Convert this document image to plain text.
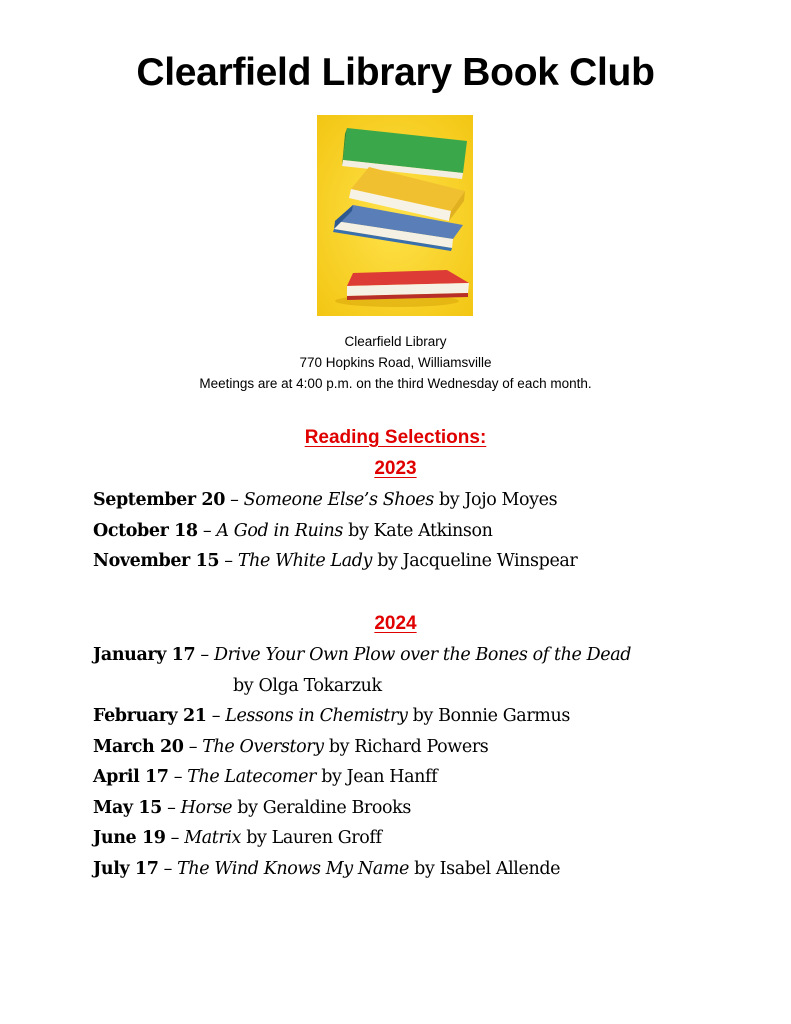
Clearfield Library Book Club
Clearfield Library
770 Hopkins Road, Williamsville
Meetings are at 4:00 p.m. on the third Wednesday of each month.
Reading Selections:
2023
September 20 – Someone Else’s Shoes by Jojo Moyes
October 18 – A God in Ruins by Kate Atkinson
November 15 – The White Lady by Jacqueline Winspear
2024
January 17 – Drive Your Own Plow over the Bones of the Dead
by Olga Tokarzuk
February 21 – Lessons in Chemistry by Bonnie Garmus
March 20 – The Overstory by Richard Powers
April 17 – The Latecomer by Jean Hanff
May 15 – Horse by Geraldine Brooks
June 19 – Matrix by Lauren Groff
July 17 – The Wind Knows My Name by Isabel Allende
